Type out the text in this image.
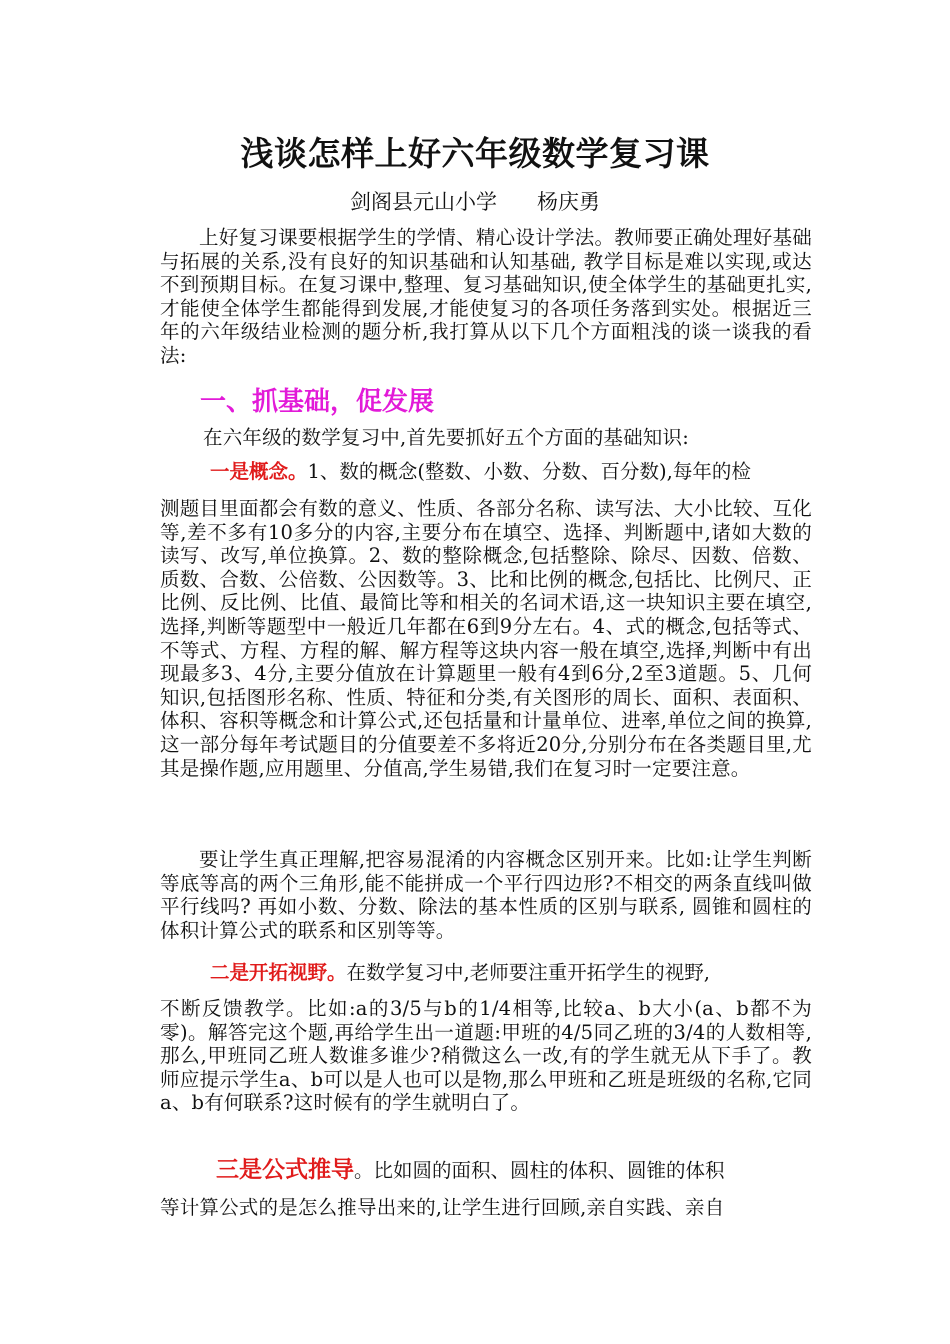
浅谈怎样上好六年级数学复习课
剑阁县元山小学 杨庆勇

上好复习课要根据学生的学情、精心设计学法。教师要正确处理好基础与拓展的关系,没有良好的知识基础和认知基础, 教学目标是难以实现,或达不到预期目标。在复习课中,整理、复习基础知识,使全体学生的基础更扎实,才能使全体学生都能得到发展,才能使复习的各项任务落到实处。根据近三年的六年级结业检测的题分析,我打算从以下几个方面粗浅的谈一谈我的看法:

一、抓基础，促发展

在六年级的数学复习中,首先要抓好五个方面的基础知识:

一是概念。1、数的概念(整数、小数、分数、百分数),每年的检

测题目里面都会有数的意义、性质、各部分名称、读写法、大小比较、互化等,差不多有10多分的内容,主要分布在填空、选择、判断题中,诸如大数的读写、改写,单位换算。2、数的整除概念,包括整除、除尽、因数、倍数、质数、合数、公倍数、公因数等。3、比和比例的概念,包括比、比例尺、正比例、反比例、比值、最简比等和相关的名词术语,这一块知识主要在填空,选择,判断等题型中一般近几年都在6到9分左右。4、式的概念,包括等式、不等式、方程、方程的解、解方程等这块内容一般在填空,选择,判断中有出现最多3、4分,主要分值放在计算题里一般有4到6分,2至3道题。5、几何知识,包括图形名称、性质、特征和分类,有关图形的周长、面积、表面积、体积、容积等概念和计算公式,还包括量和计量单位、进率,单位之间的换算,这一部分每年考试题目的分值要差不多将近20分,分别分布在各类题目里,尤其是操作题,应用题里、分值高,学生易错,我们在复习时一定要注意。

要让学生真正理解,把容易混淆的内容概念区别开来。比如:让学生判断等底等高的两个三角形,能不能拼成一个平行四边形?不相交的两条直线叫做平行线吗? 再如小数、分数、除法的基本性质的区别与联系, 圆锥和圆柱的体积计算公式的联系和区别等等。

二是开拓视野。在数学复习中,老师要注重开拓学生的视野,

不断反馈教学。比如:a的3/5与b的1/4相等,比较a、b大小(a、b都不为零)。解答完这个题,再给学生出一道题:甲班的4/5同乙班的3/4的人数相等,那么,甲班同乙班人数谁多谁少?稍微这么一改,有的学生就无从下手了。教师应提示学生a、b可以是人也可以是物,那么甲班和乙班是班级的名称,它同a、b有何联系?这时候有的学生就明白了。

三是公式推导。比如圆的面积、圆柱的体积、圆锥的体积

等计算公式的是怎么推导出来的,让学生进行回顾,亲自实践、亲自
